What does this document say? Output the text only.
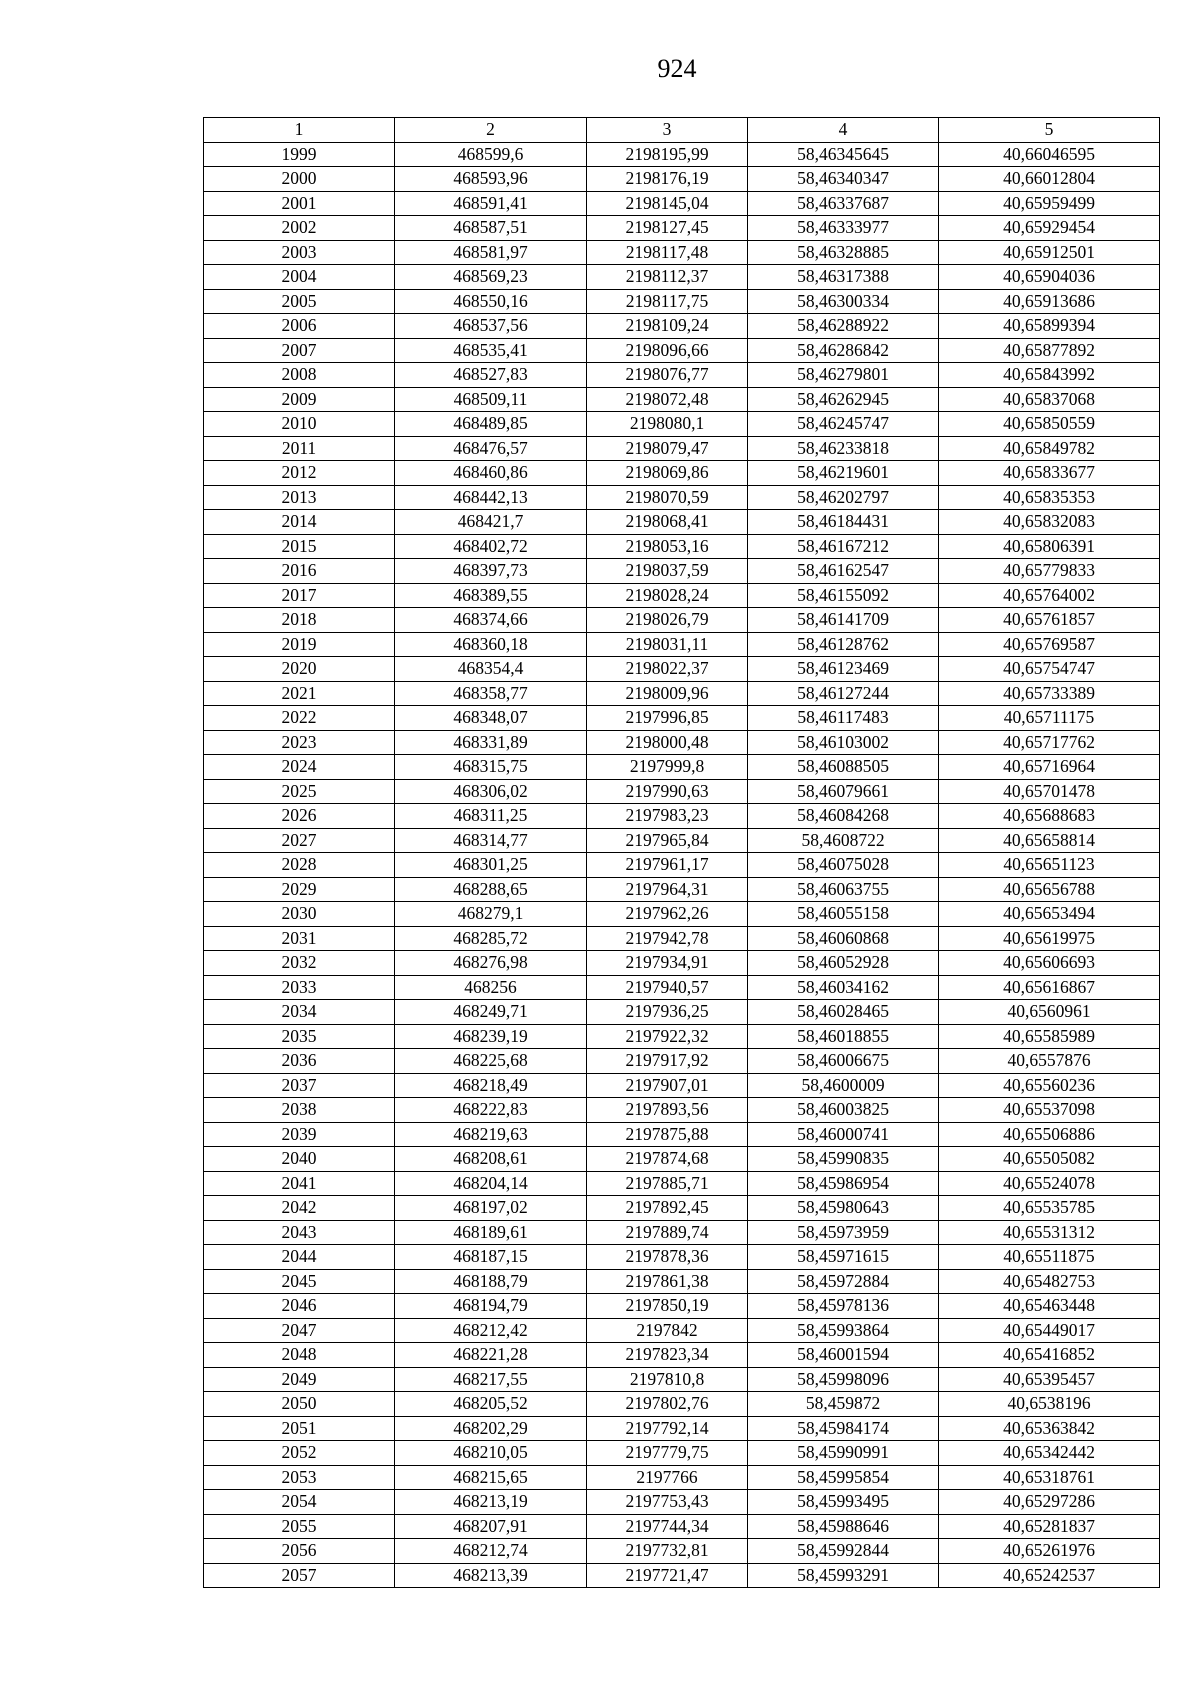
924
1	2	3	4	5
1999	468599,6	2198195,99	58,46345645	40,66046595
2000	468593,96	2198176,19	58,46340347	40,66012804
2001	468591,41	2198145,04	58,46337687	40,65959499
2002	468587,51	2198127,45	58,46333977	40,65929454
2003	468581,97	2198117,48	58,46328885	40,65912501
2004	468569,23	2198112,37	58,46317388	40,65904036
2005	468550,16	2198117,75	58,46300334	40,65913686
2006	468537,56	2198109,24	58,46288922	40,65899394
2007	468535,41	2198096,66	58,46286842	40,65877892
2008	468527,83	2198076,77	58,46279801	40,65843992
2009	468509,11	2198072,48	58,46262945	40,65837068
2010	468489,85	2198080,1	58,46245747	40,65850559
2011	468476,57	2198079,47	58,46233818	40,65849782
2012	468460,86	2198069,86	58,46219601	40,65833677
2013	468442,13	2198070,59	58,46202797	40,65835353
2014	468421,7	2198068,41	58,46184431	40,65832083
2015	468402,72	2198053,16	58,46167212	40,65806391
2016	468397,73	2198037,59	58,46162547	40,65779833
2017	468389,55	2198028,24	58,46155092	40,65764002
2018	468374,66	2198026,79	58,46141709	40,65761857
2019	468360,18	2198031,11	58,46128762	40,65769587
2020	468354,4	2198022,37	58,46123469	40,65754747
2021	468358,77	2198009,96	58,46127244	40,65733389
2022	468348,07	2197996,85	58,46117483	40,65711175
2023	468331,89	2198000,48	58,46103002	40,65717762
2024	468315,75	2197999,8	58,46088505	40,65716964
2025	468306,02	2197990,63	58,46079661	40,65701478
2026	468311,25	2197983,23	58,46084268	40,65688683
2027	468314,77	2197965,84	58,4608722	40,65658814
2028	468301,25	2197961,17	58,46075028	40,65651123
2029	468288,65	2197964,31	58,46063755	40,65656788
2030	468279,1	2197962,26	58,46055158	40,65653494
2031	468285,72	2197942,78	58,46060868	40,65619975
2032	468276,98	2197934,91	58,46052928	40,65606693
2033	468256	2197940,57	58,46034162	40,65616867
2034	468249,71	2197936,25	58,46028465	40,6560961
2035	468239,19	2197922,32	58,46018855	40,65585989
2036	468225,68	2197917,92	58,46006675	40,6557876
2037	468218,49	2197907,01	58,4600009	40,65560236
2038	468222,83	2197893,56	58,46003825	40,65537098
2039	468219,63	2197875,88	58,46000741	40,65506886
2040	468208,61	2197874,68	58,45990835	40,65505082
2041	468204,14	2197885,71	58,45986954	40,65524078
2042	468197,02	2197892,45	58,45980643	40,65535785
2043	468189,61	2197889,74	58,45973959	40,65531312
2044	468187,15	2197878,36	58,45971615	40,65511875
2045	468188,79	2197861,38	58,45972884	40,65482753
2046	468194,79	2197850,19	58,45978136	40,65463448
2047	468212,42	2197842	58,45993864	40,65449017
2048	468221,28	2197823,34	58,46001594	40,65416852
2049	468217,55	2197810,8	58,45998096	40,65395457
2050	468205,52	2197802,76	58,459872	40,6538196
2051	468202,29	2197792,14	58,45984174	40,65363842
2052	468210,05	2197779,75	58,45990991	40,65342442
2053	468215,65	2197766	58,45995854	40,65318761
2054	468213,19	2197753,43	58,45993495	40,65297286
2055	468207,91	2197744,34	58,45988646	40,65281837
2056	468212,74	2197732,81	58,45992844	40,65261976
2057	468213,39	2197721,47	58,45993291	40,65242537
